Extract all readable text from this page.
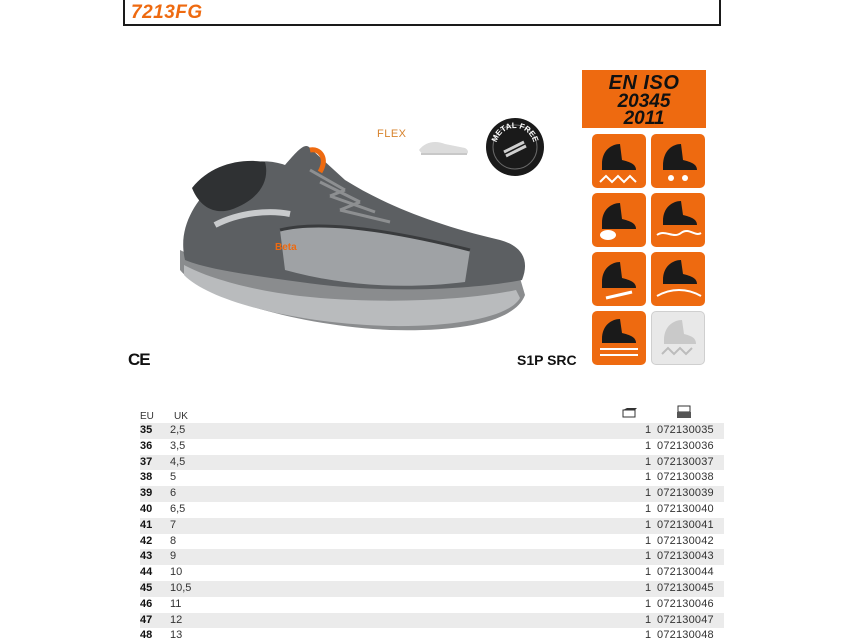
7213FG
Beta
FLEX	METAL FREE
EN ISO
20345
2011
CE	S1P SRC
EU UK
35 2,5	1 072130035
36 3,5	1 072130036
37 4,5	1 072130037
38 5	1 072130038
39 6	1 072130039
40 6,5	1 072130040
41 7	1 072130041
42 8	1 072130042
43 9	1 072130043
44 10	1 072130044
45 10,5	1 072130045
46 11	1 072130046
47 12	1 072130047
48 13	1 072130048
